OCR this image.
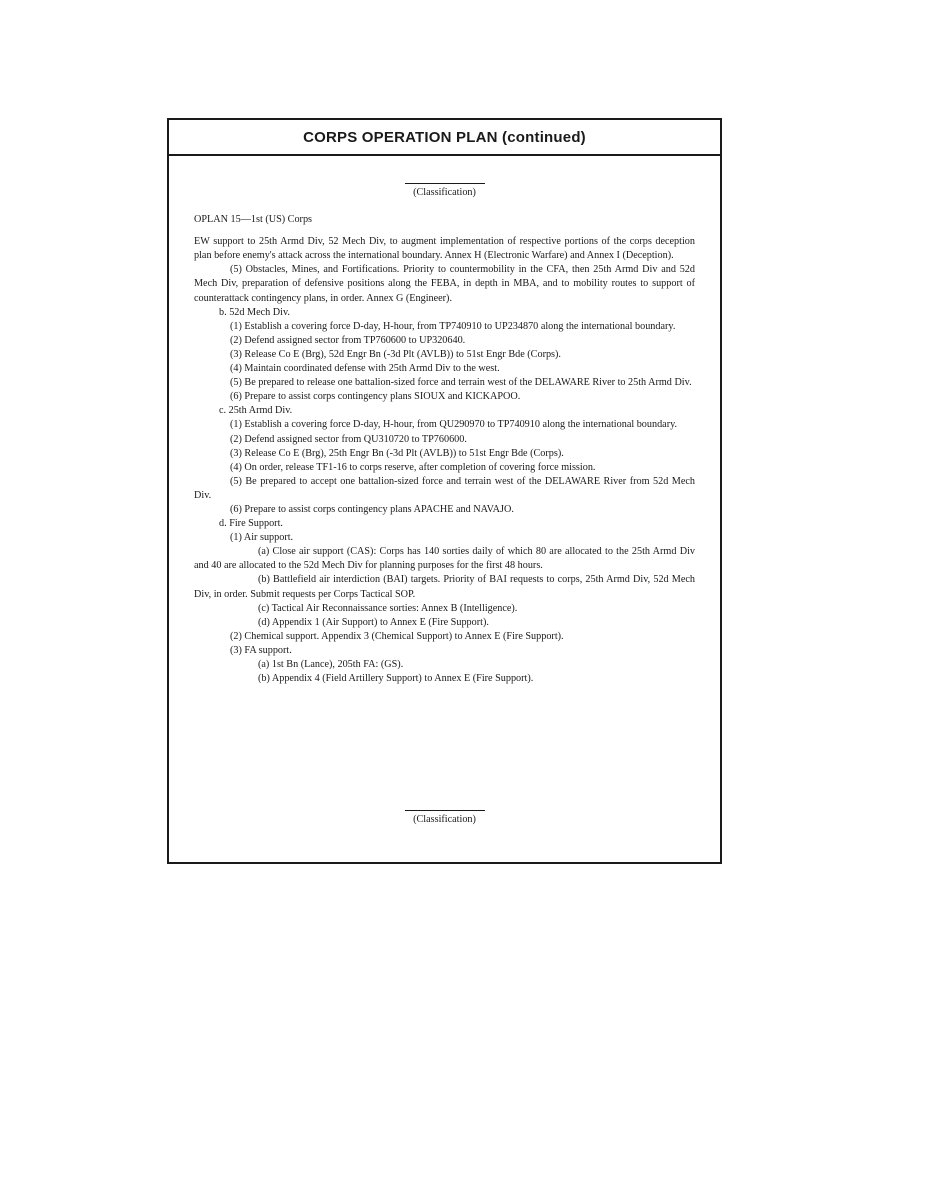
CORPS OPERATION PLAN (continued)
(Classification)
OPLAN 15—1st (US) Corps

EW support to 25th Armd Div, 52 Mech Div, to augment implementation of respective portions of the corps deception plan before enemy's attack across the international boundary. Annex H (Electronic Warfare) and Annex I (Deception).

(5) Obstacles, Mines, and Fortifications. Priority to countermobility in the CFA, then 25th Armd Div and 52d Mech Div, preparation of defensive positions along the FEBA, in depth in MBA, and to mobility routes to support of counterattack contingency plans, in order. Annex G (Engineer).

b. 52d Mech Div.

(1) Establish a covering force D-day, H-hour, from TP740910 to UP234870 along the international boundary.

(2) Defend assigned sector from TP760600 to UP320640.

(3) Release Co E (Brg), 52d Engr Bn (-3d Plt (AVLB)) to 51st Engr Bde (Corps).

(4) Maintain coordinated defense with 25th Armd Div to the west.

(5) Be prepared to release one battalion-sized force and terrain west of the DELAWARE River to 25th Armd Div.

(6) Prepare to assist corps contingency plans SIOUX and KICKAPOO.

c. 25th Armd Div.

(1) Establish a covering force D-day, H-hour, from QU290970 to TP740910 along the international boundary.

(2) Defend assigned sector from QU310720 to TP760600.

(3) Release Co E (Brg), 25th Engr Bn (-3d Plt (AVLB)) to 51st Engr Bde (Corps).

(4) On order, release TF1-16 to corps reserve, after completion of covering force mission.

(5) Be prepared to accept one battalion-sized force and terrain west of the DELAWARE River from 52d Mech Div.

(6) Prepare to assist corps contingency plans APACHE and NAVAJO.

d. Fire Support.

(1) Air support.

(a) Close air support (CAS): Corps has 140 sorties daily of which 80 are allocated to the 25th Armd Div and 40 are allocated to the 52d Mech Div for planning purposes for the first 48 hours.

(b) Battlefield air interdiction (BAI) targets. Priority of BAI requests to corps, 25th Armd Div, 52d Mech Div, in order. Submit requests per Corps Tactical SOP.

(c) Tactical Air Reconnaissance sorties: Annex B (Intelligence).

(d) Appendix 1 (Air Support) to Annex E (Fire Support).

(2) Chemical support. Appendix 3 (Chemical Support) to Annex E (Fire Support).

(3) FA support.

(a) 1st Bn (Lance), 205th FA: (GS).

(b) Appendix 4 (Field Artillery Support) to Annex E (Fire Support).

(Classification)
